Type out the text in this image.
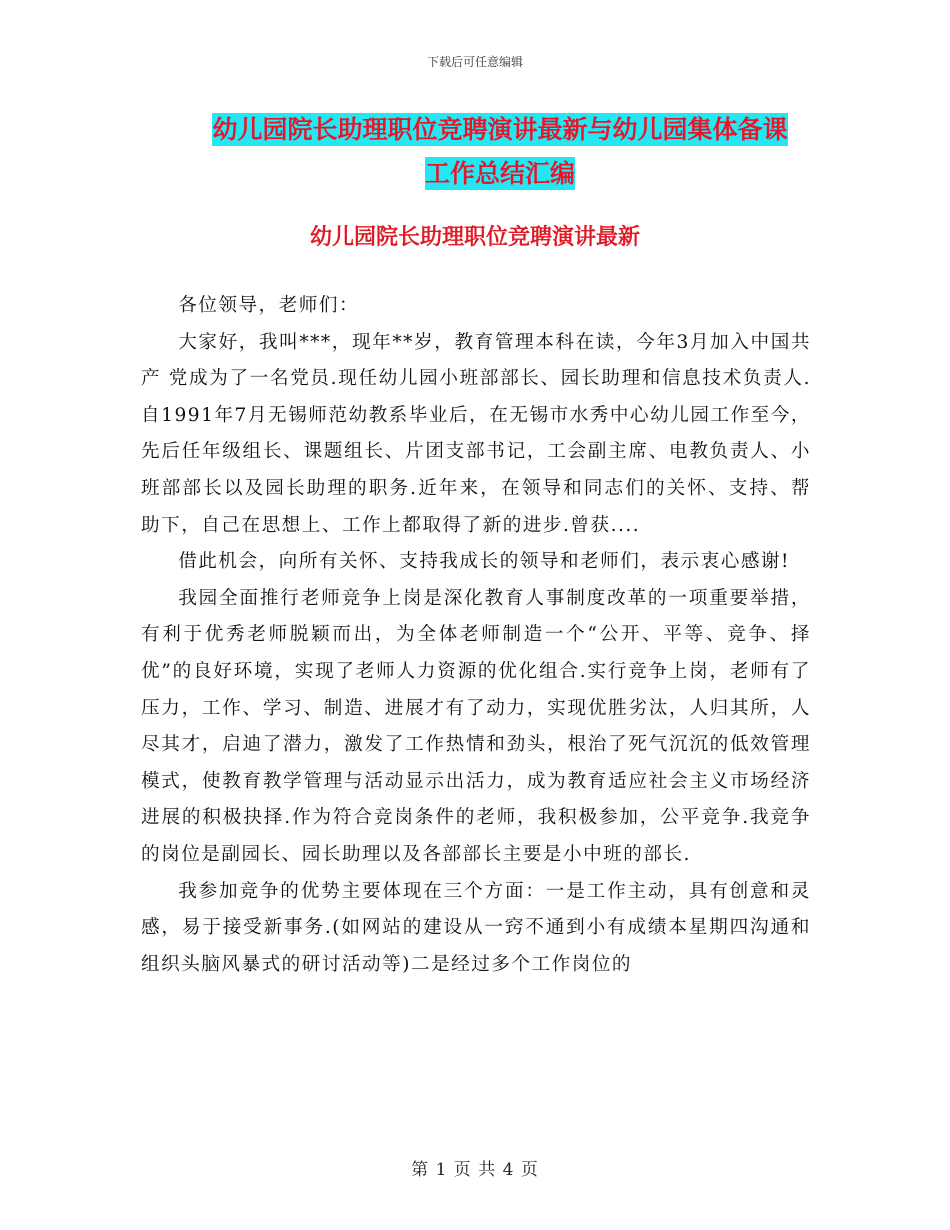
下载后可任意编辑
幼儿园院长助理职位竞聘演讲最新与幼儿园集体备课
工作总结汇编
幼儿园院长助理职位竞聘演讲最新

各位领导，老师们：

大家好，我叫***，现年**岁，教育管理本科在读，今年3月加入中国共产 党成为了一名党员.现任幼儿园小班部部长、园长助理和信息技术负责人.自1991年7月无锡师范幼教系毕业后，在无锡市水秀中心幼儿园工作至今，先后任年级组长、课题组长、片团支部书记，工会副主席、电教负责人、小班部部长以及园长助理的职务.近年来，在领导和同志们的关怀、支持、帮助下，自己在思想上、工作上都取得了新的进步.曾获....

借此机会，向所有关怀、支持我成长的领导和老师们，表示衷心感谢!

我园全面推行老师竞争上岗是深化教育人事制度改革的一项重要举措，有利于优秀老师脱颖而出，为全体老师制造一个“公开、平等、竞争、择优”的良好环境，实现了老师人力资源的优化组合.实行竞争上岗，老师有了压力，工作、学习、制造、进展才有了动力，实现优胜劣汰，人归其所，人尽其才，启迪了潜力，激发了工作热情和劲头，根治了死气沉沉的低效管理模式，使教育教学管理与活动显示出活力，成为教育适应社会主义市场经济进展的积极抉择.作为符合竞岗条件的老师，我积极参加，公平竞争.我竞争的岗位是副园长、园长助理以及各部部长主要是小中班的部长.

我参加竞争的优势主要体现在三个方面：一是工作主动，具有创意和灵感，易于接受新事务.(如网站的建设从一窍不通到小有成绩本星期四沟通和组织头脑风暴式的研讨活动等)二是经过多个工作岗位的

第 1 页 共 4 页
